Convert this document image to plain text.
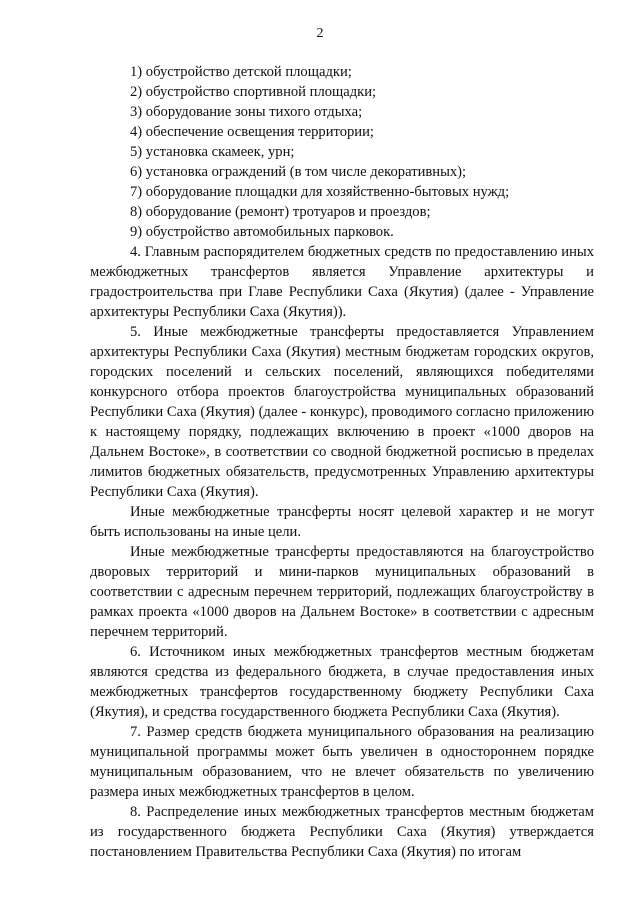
2

1) обустройство детской площадки;

2) обустройство спортивной площадки;

3) оборудование зоны тихого отдыха;

4) обеспечение освещения территории;

5) установка скамеек, урн;

6) установка ограждений (в том числе декоративных);

7) оборудование площадки для хозяйственно-бытовых нужд;

8) оборудование (ремонт) тротуаров и проездов;

9) обустройство автомобильных парковок.

4. Главным распорядителем бюджетных средств по предоставлению иных межбюджетных трансфертов является Управление архитектуры и градостроительства при Главе Республики Саха (Якутия) (далее - Управление архитектуры Республики Саха (Якутия)).

5. Иные межбюджетные трансферты предоставляется Управлением архитектуры Республики Саха (Якутия) местным бюджетам городских округов, городских поселений и сельских поселений, являющихся победителями конкурсного отбора проектов благоустройства муниципальных образований Республики Саха (Якутия) (далее - конкурс), проводимого согласно приложению к настоящему порядку, подлежащих включению в проект «1000 дворов на Дальнем Востоке», в соответствии со сводной бюджетной росписью в пределах лимитов бюджетных обязательств, предусмотренных Управлению архитектуры Республики Саха (Якутия).

Иные межбюджетные трансферты носят целевой характер и не могут быть использованы на иные цели.

Иные межбюджетные трансферты предоставляются на благоустройство дворовых территорий и мини-парков муниципальных образований в соответствии с адресным перечнем территорий, подлежащих благоустройству в рамках проекта «1000 дворов на Дальнем Востоке» в соответствии с адресным перечнем территорий.

6. Источником иных межбюджетных трансфертов местным бюджетам являются средства из федерального бюджета, в случае предоставления иных межбюджетных трансфертов государственному бюджету Республики Саха (Якутия), и средства государственного бюджета Республики Саха (Якутия).

7. Размер средств бюджета муниципального образования на реализацию муниципальной программы может быть увеличен в одностороннем порядке муниципальным образованием, что не влечет обязательств по увеличению размера иных межбюджетных трансфертов в целом.

8. Распределение иных межбюджетных трансфертов местным бюджетам из государственного бюджета Республики Саха (Якутия) утверждается постановлением Правительства Республики Саха (Якутия) по итогам
